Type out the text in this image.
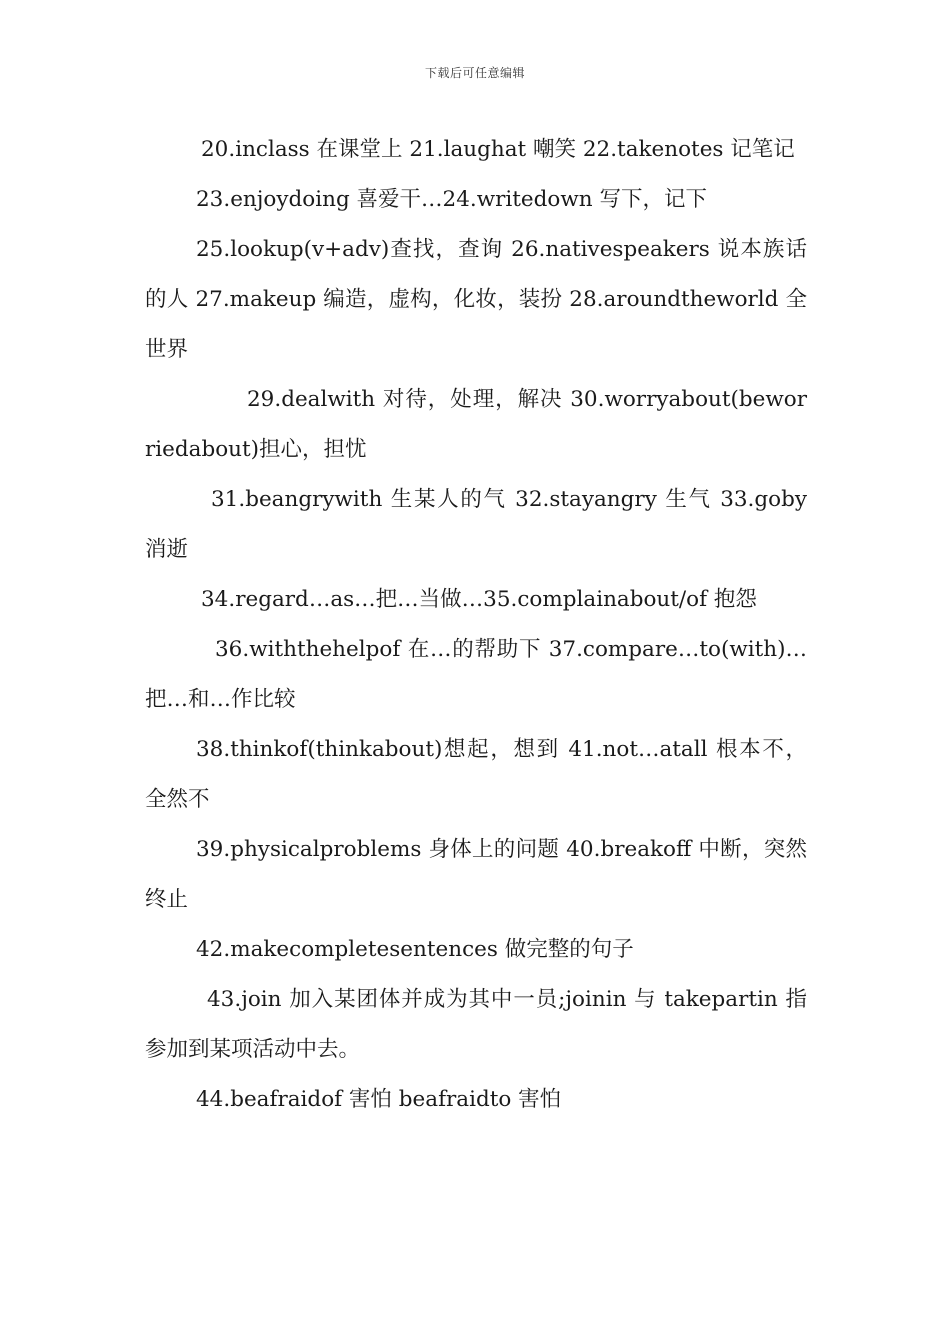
下载后可任意编辑

20.inclass 在课堂上 21.laughat 嘲笑 22.takenotes 记笔记

23.enjoydoing 喜爱干…24.writedown 写下，记下

25.lookup(v+adv)查找，查询 26.nativespeakers 说本族话的人 27.makeup 编造，虚构，化妆，装扮 28.aroundtheworld 全世界

29.dealwith 对待，处理，解决 30.worryabout(beworriedabout)担心，担忧

31.beangrywith 生某人的气 32.stayangry 生气 33.goby 消逝

34.regard…as…把…当做…35.complainabout/of 抱怨

36.withthehelpof 在…的帮助下 37.compare…to(with)…把…和…作比较

38.thinkof(thinkabout)想起，想到 41.not…atall 根本不，全然不

39.physicalproblems 身体上的问题 40.breakoff 中断，突然终止

42.makecompletesentences 做完整的句子

43.join 加入某团体并成为其中一员;joinin 与 takepartin 指参加到某项活动中去。

44.beafraidof 害怕 beafraidto 害怕
